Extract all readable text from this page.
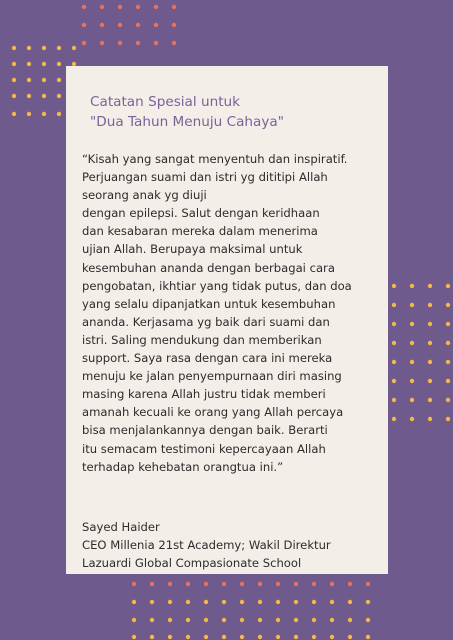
Catatan Spesial untuk
"Dua Tahun Menuju Cahaya"
“Kisah yang sangat menyentuh dan inspiratif.
Perjuangan suami dan istri yg dititipi Allah
seorang anak yg diuji
dengan epilepsi. Salut dengan keridhaan
dan kesabaran mereka dalam menerima
ujian Allah. Berupaya maksimal untuk
kesembuhan ananda dengan berbagai cara
pengobatan, ikhtiar yang tidak putus, dan doa
yang selalu dipanjatkan untuk kesembuhan
ananda. Kerjasama yg baik dari suami dan
istri. Saling mendukung dan memberikan
support. Saya rasa dengan cara ini mereka
menuju ke jalan penyempurnaan diri masing
masing karena Allah justru tidak memberi
amanah kecuali ke orang yang Allah percaya
bisa menjalankannya dengan baik. Berarti
itu semacam testimoni kepercayaan Allah
terhadap kehebatan orangtua ini.”
Sayed Haider
CEO Millenia 21st Academy; Wakil Direktur
Lazuardi Global Compasionate School
